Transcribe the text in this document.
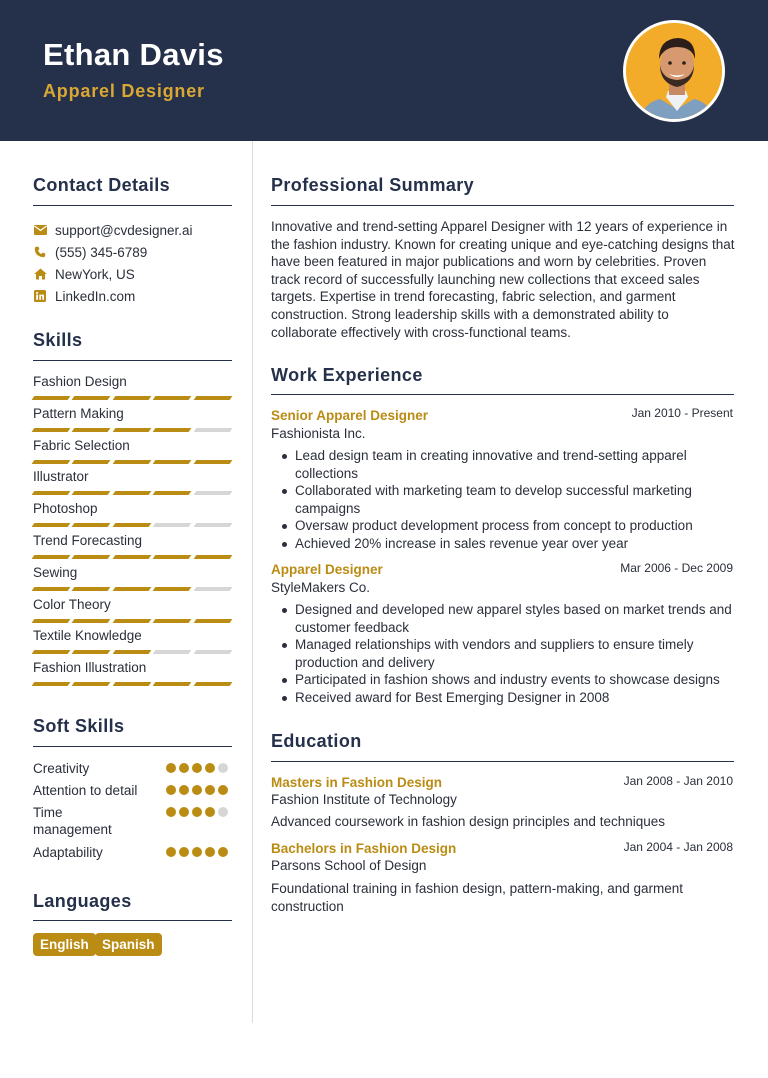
Ethan Davis
Apparel Designer
Contact Details
support@cvdesigner.ai
(555) 345-6789
NewYork, US
LinkedIn.com
Skills
Fashion Design
Pattern Making
Fabric Selection
Illustrator
Photoshop
Trend Forecasting
Sewing
Color Theory
Textile Knowledge
Fashion Illustration
Soft Skills
Creativity
Attention to detail
Time management
Adaptability
Languages
English Spanish
Professional Summary
Innovative and trend-setting Apparel Designer with 12 years of experience in the fashion industry. Known for creating unique and eye-catching designs that have been featured in major publications and worn by celebrities. Proven track record of successfully launching new collections that exceed sales targets. Expertise in trend forecasting, fabric selection, and garment construction. Strong leadership skills with a demonstrated ability to collaborate effectively with cross-functional teams.
Work Experience
Senior Apparel Designer	Jan 2010 - Present
Fashionista Inc.
Lead design team in creating innovative and trend-setting apparel collections
Collaborated with marketing team to develop successful marketing campaigns
Oversaw product development process from concept to production
Achieved 20% increase in sales revenue year over year
Apparel Designer	Mar 2006 - Dec 2009
StyleMakers Co.
Designed and developed new apparel styles based on market trends and customer feedback
Managed relationships with vendors and suppliers to ensure timely production and delivery
Participated in fashion shows and industry events to showcase designs
Received award for Best Emerging Designer in 2008
Education
Masters in Fashion Design	Jan 2008 - Jan 2010
Fashion Institute of Technology
Advanced coursework in fashion design principles and techniques
Bachelors in Fashion Design	Jan 2004 - Jan 2008
Parsons School of Design
Foundational training in fashion design, pattern-making, and garment construction
